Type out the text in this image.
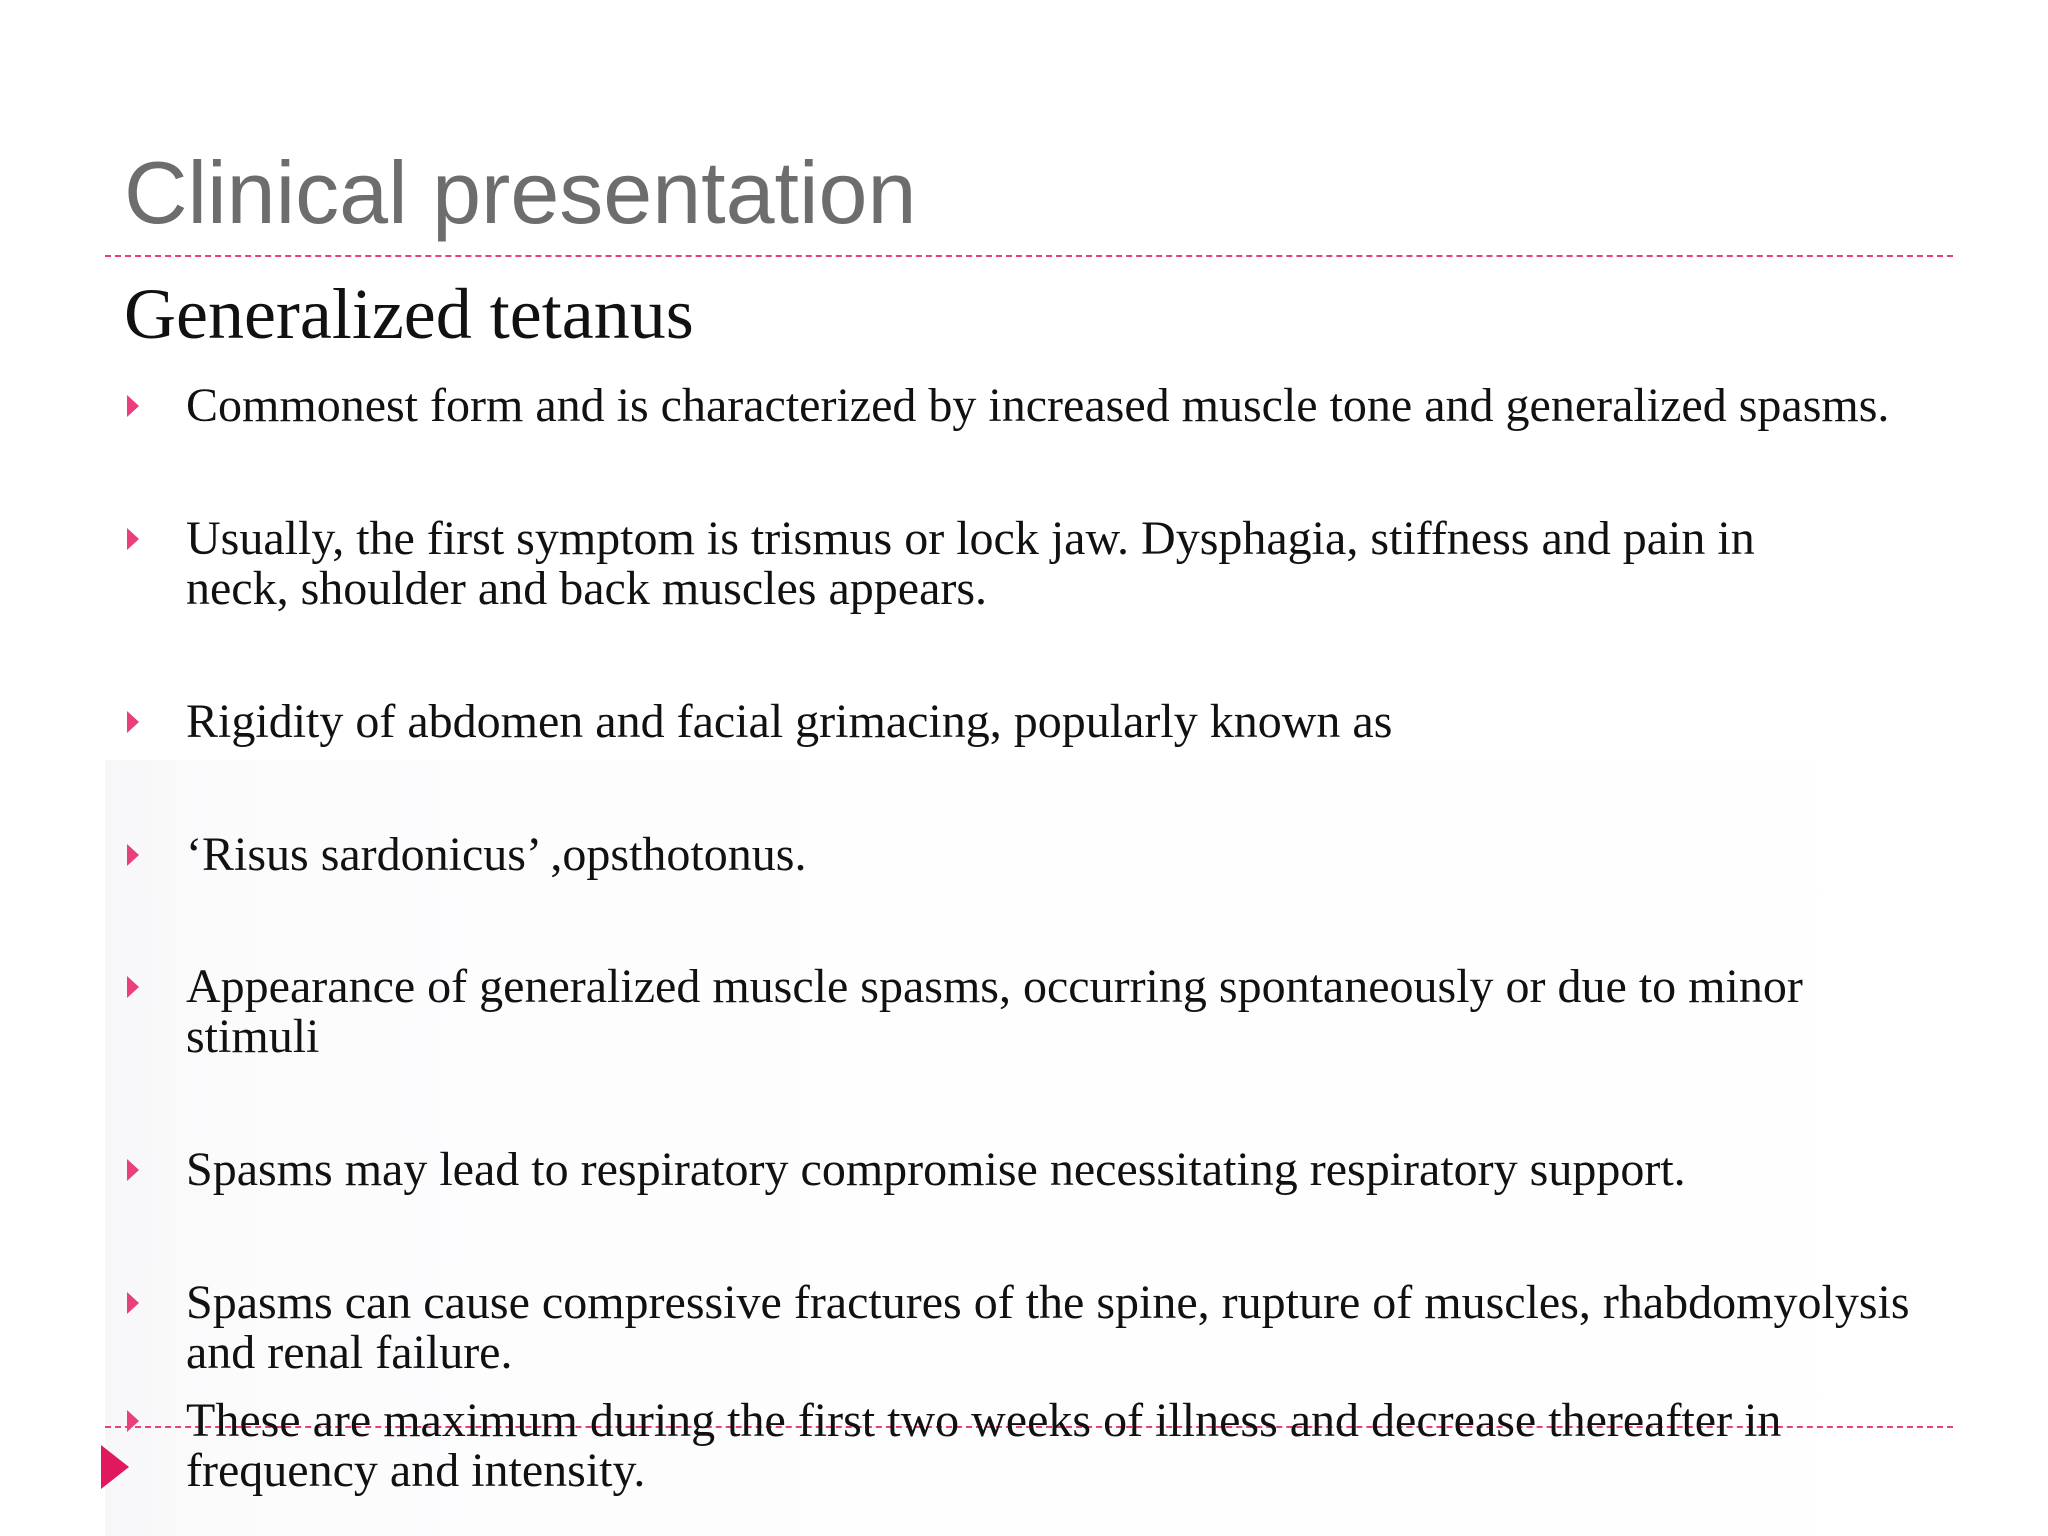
Clinical presentation
Generalized tetanus
Commonest form and is characterized by increased muscle tone and generalized spasms.
Usually, the first symptom is trismus or lock jaw. Dysphagia, stiffness and pain in
neck, shoulder and back muscles appears.
Rigidity of abdomen and facial grimacing, popularly known as
‘Risus sardonicus’ ,opsthotonus.
Appearance of generalized muscle spasms, occurring spontaneously or due to minor
stimuli
Spasms may lead to respiratory compromise necessitating respiratory support.
Spasms can cause compressive fractures of the spine, rupture of muscles, rhabdomyolysis
and renal failure.
These are maximum during the first two weeks of illness and decrease thereafter in
frequency and intensity.
